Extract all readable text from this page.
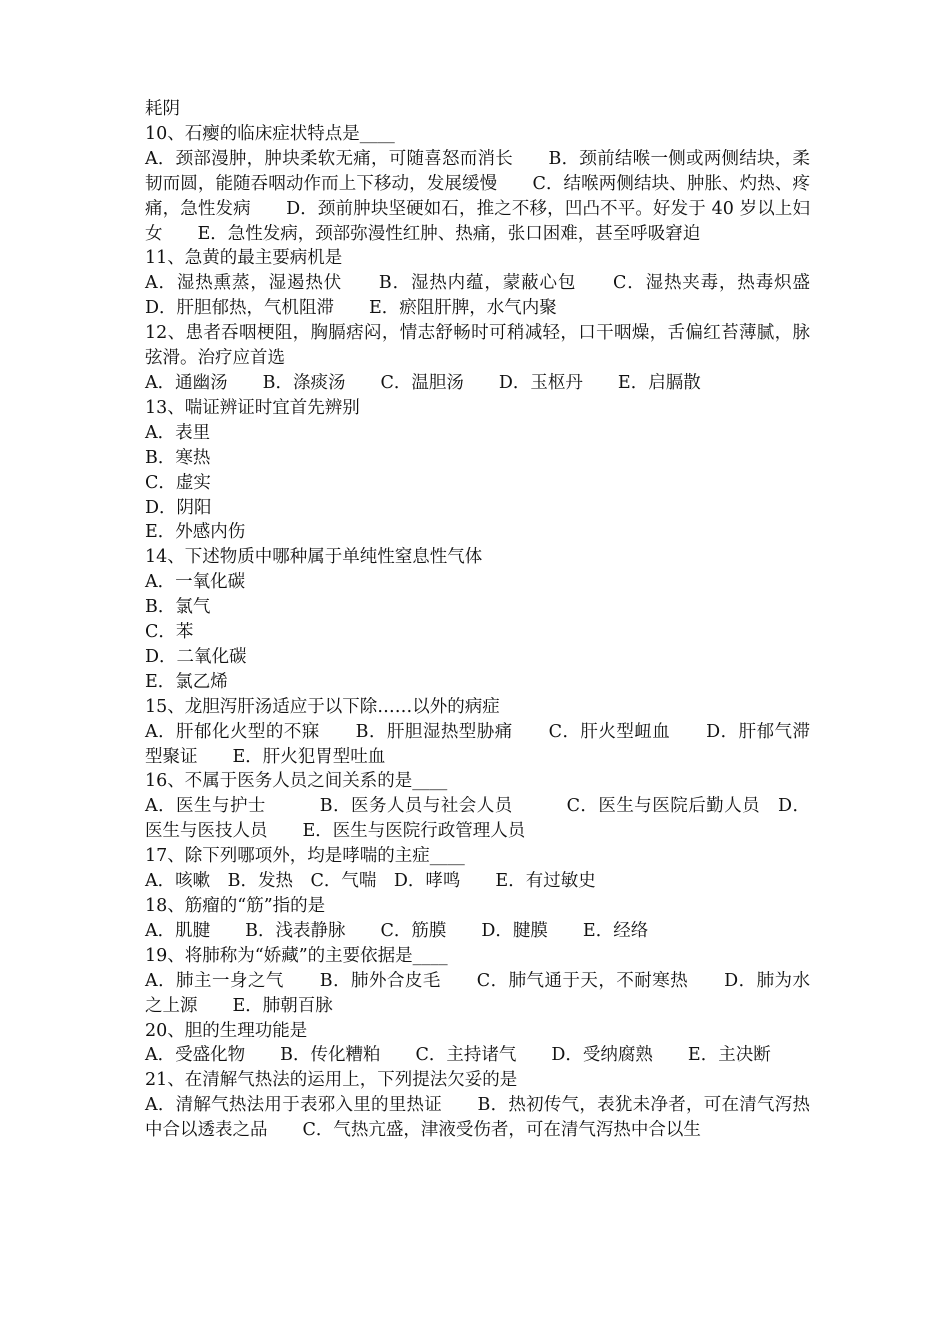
耗阴
10、石瘿的临床症状特点是____
A．颈部漫肿，肿块柔软无痛，可随喜怒而消长　　B．颈前结喉一侧或两侧结块，柔韧而圆，能随吞咽动作而上下移动，发展缓慢　　C．结喉两侧结块、肿胀、灼热、疼痛，急性发病　　D．颈前肿块坚硬如石，推之不移，凹凸不平。好发于 40 岁以上妇女　　E．急性发病，颈部弥漫性红肿、热痛，张口困难，甚至呼吸窘迫
11、急黄的最主要病机是
A．湿热熏蒸，湿遏热伏　　B．湿热内蕴，蒙蔽心包　　C．湿热夹毒，热毒炽盛　　D．肝胆郁热，气机阻滞　　E．瘀阻肝脾，水气内聚
12、患者吞咽梗阻，胸膈痞闷，情志舒畅时可稍减轻，口干咽燥，舌偏红苔薄腻，脉弦滑。治疗应首选
A．通幽汤　　B．涤痰汤　　C．温胆汤　　D．玉枢丹　　E．启膈散
13、喘证辨证时宜首先辨别
A．表里
B．寒热
C．虚实
D．阴阳
E．外感内伤
14、下述物质中哪种属于单纯性窒息性气体
A．一氧化碳
B．氯气
C．苯
D．二氧化碳
E．氯乙烯
15、龙胆泻肝汤适应于以下除……以外的病症
A．肝郁化火型的不寐　　B．肝胆湿热型胁痛　　C．肝火型衄血　　D．肝郁气滞型聚证　　E．肝火犯胃型吐血
16、不属于医务人员之间关系的是____
A．医生与护士　　　B．医务人员与社会人员　　　C．医生与医院后勤人员　D．医生与医技人员　　E．医生与医院行政管理人员
17、除下列哪项外，均是哮喘的主症____
A．咳嗽　B．发热　C．气喘　D．哮鸣　　E．有过敏史
18、筋瘤的“筋”指的是
A．肌腱　　B．浅表静脉　　C．筋膜　　D．腱膜　　E．经络
19、将肺称为“娇藏”的主要依据是____
A．肺主一身之气　　B．肺外合皮毛　　C．肺气通于天，不耐寒热　　D．肺为水之上源　　E．肺朝百脉
20、胆的生理功能是
A．受盛化物　　B．传化糟粕　　C．主持诸气　　D．受纳腐熟　　E．主决断
21、在清解气热法的运用上，下列提法欠妥的是
A．清解气热法用于表邪入里的里热证　　B．热初传气，表犹未净者，可在清气泻热中合以透表之品　　C．气热亢盛，津液受伤者，可在清气泻热中合以生
